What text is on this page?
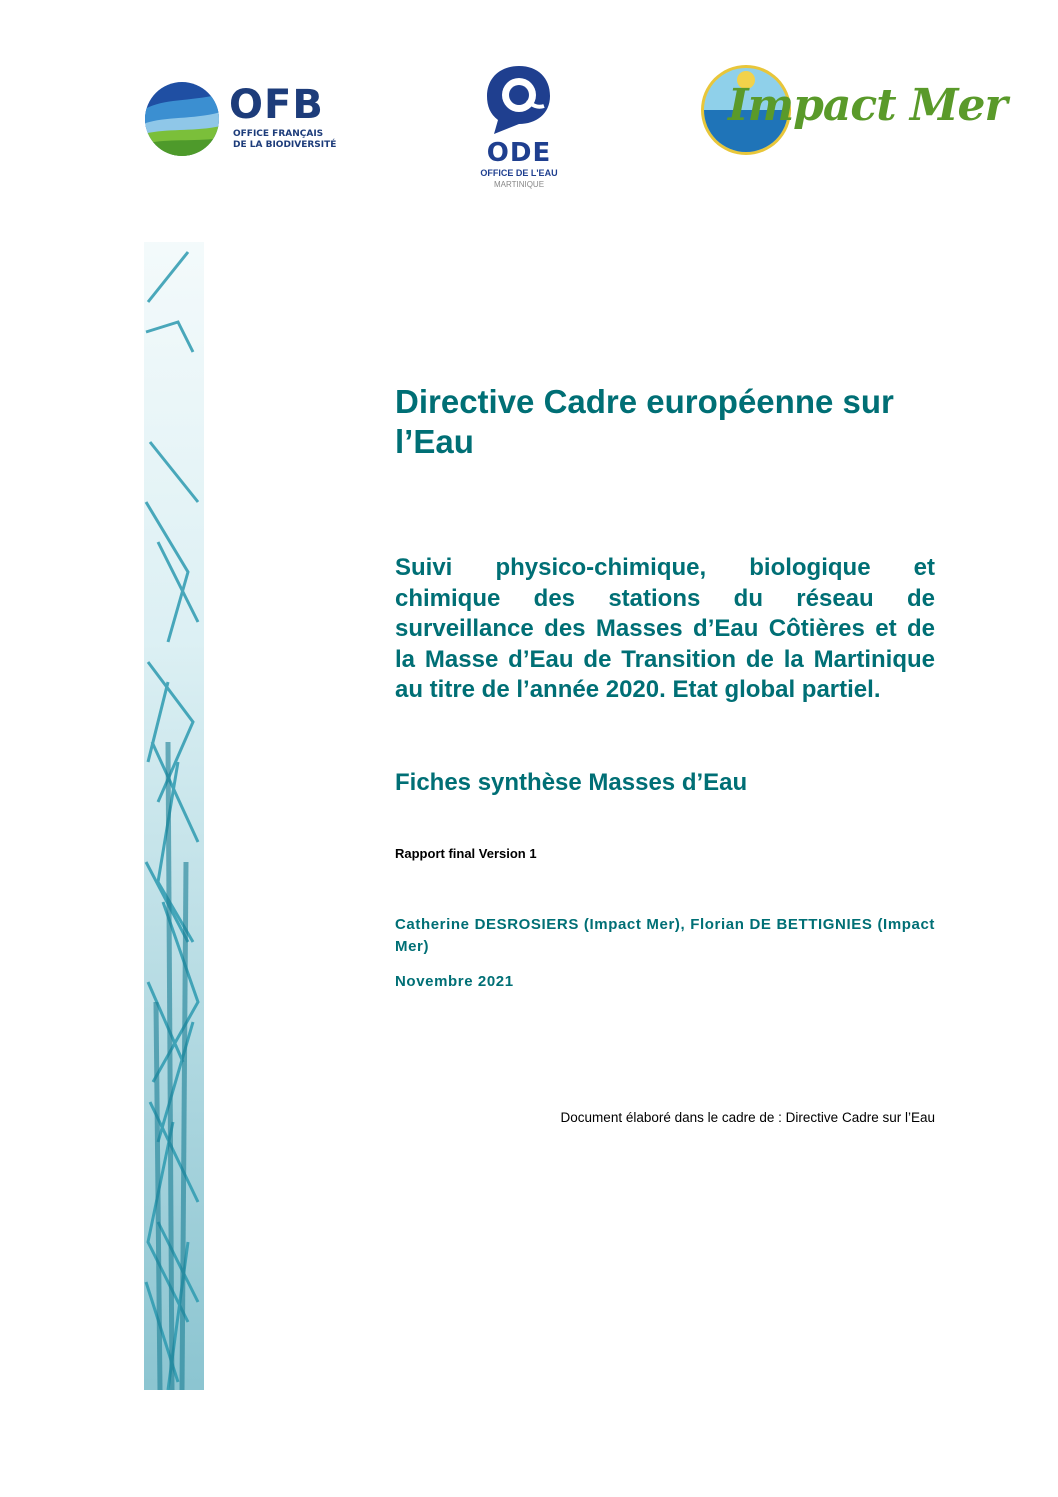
OFB
OFFICE FRANÇAIS
DE LA BIODIVERSITÉ	ODE
OFFICE DE L'EAU
MARTINIQUE
Impact Mer
Directive Cadre européenne sur l’Eau
Suivi physico-chimique, biologique et chimique des stations du réseau de surveillance des Masses d’Eau Côtières et de la Masse d’Eau de Transition de la Martinique au titre de l’année 2020. Etat global partiel.
Fiches synthèse Masses d’Eau
Rapport final Version 1
Catherine DESROSIERS (Impact Mer), Florian DE BETTIGNIES (Impact Mer)
Novembre 2021
Document élaboré dans le cadre de : Directive Cadre sur l’Eau
